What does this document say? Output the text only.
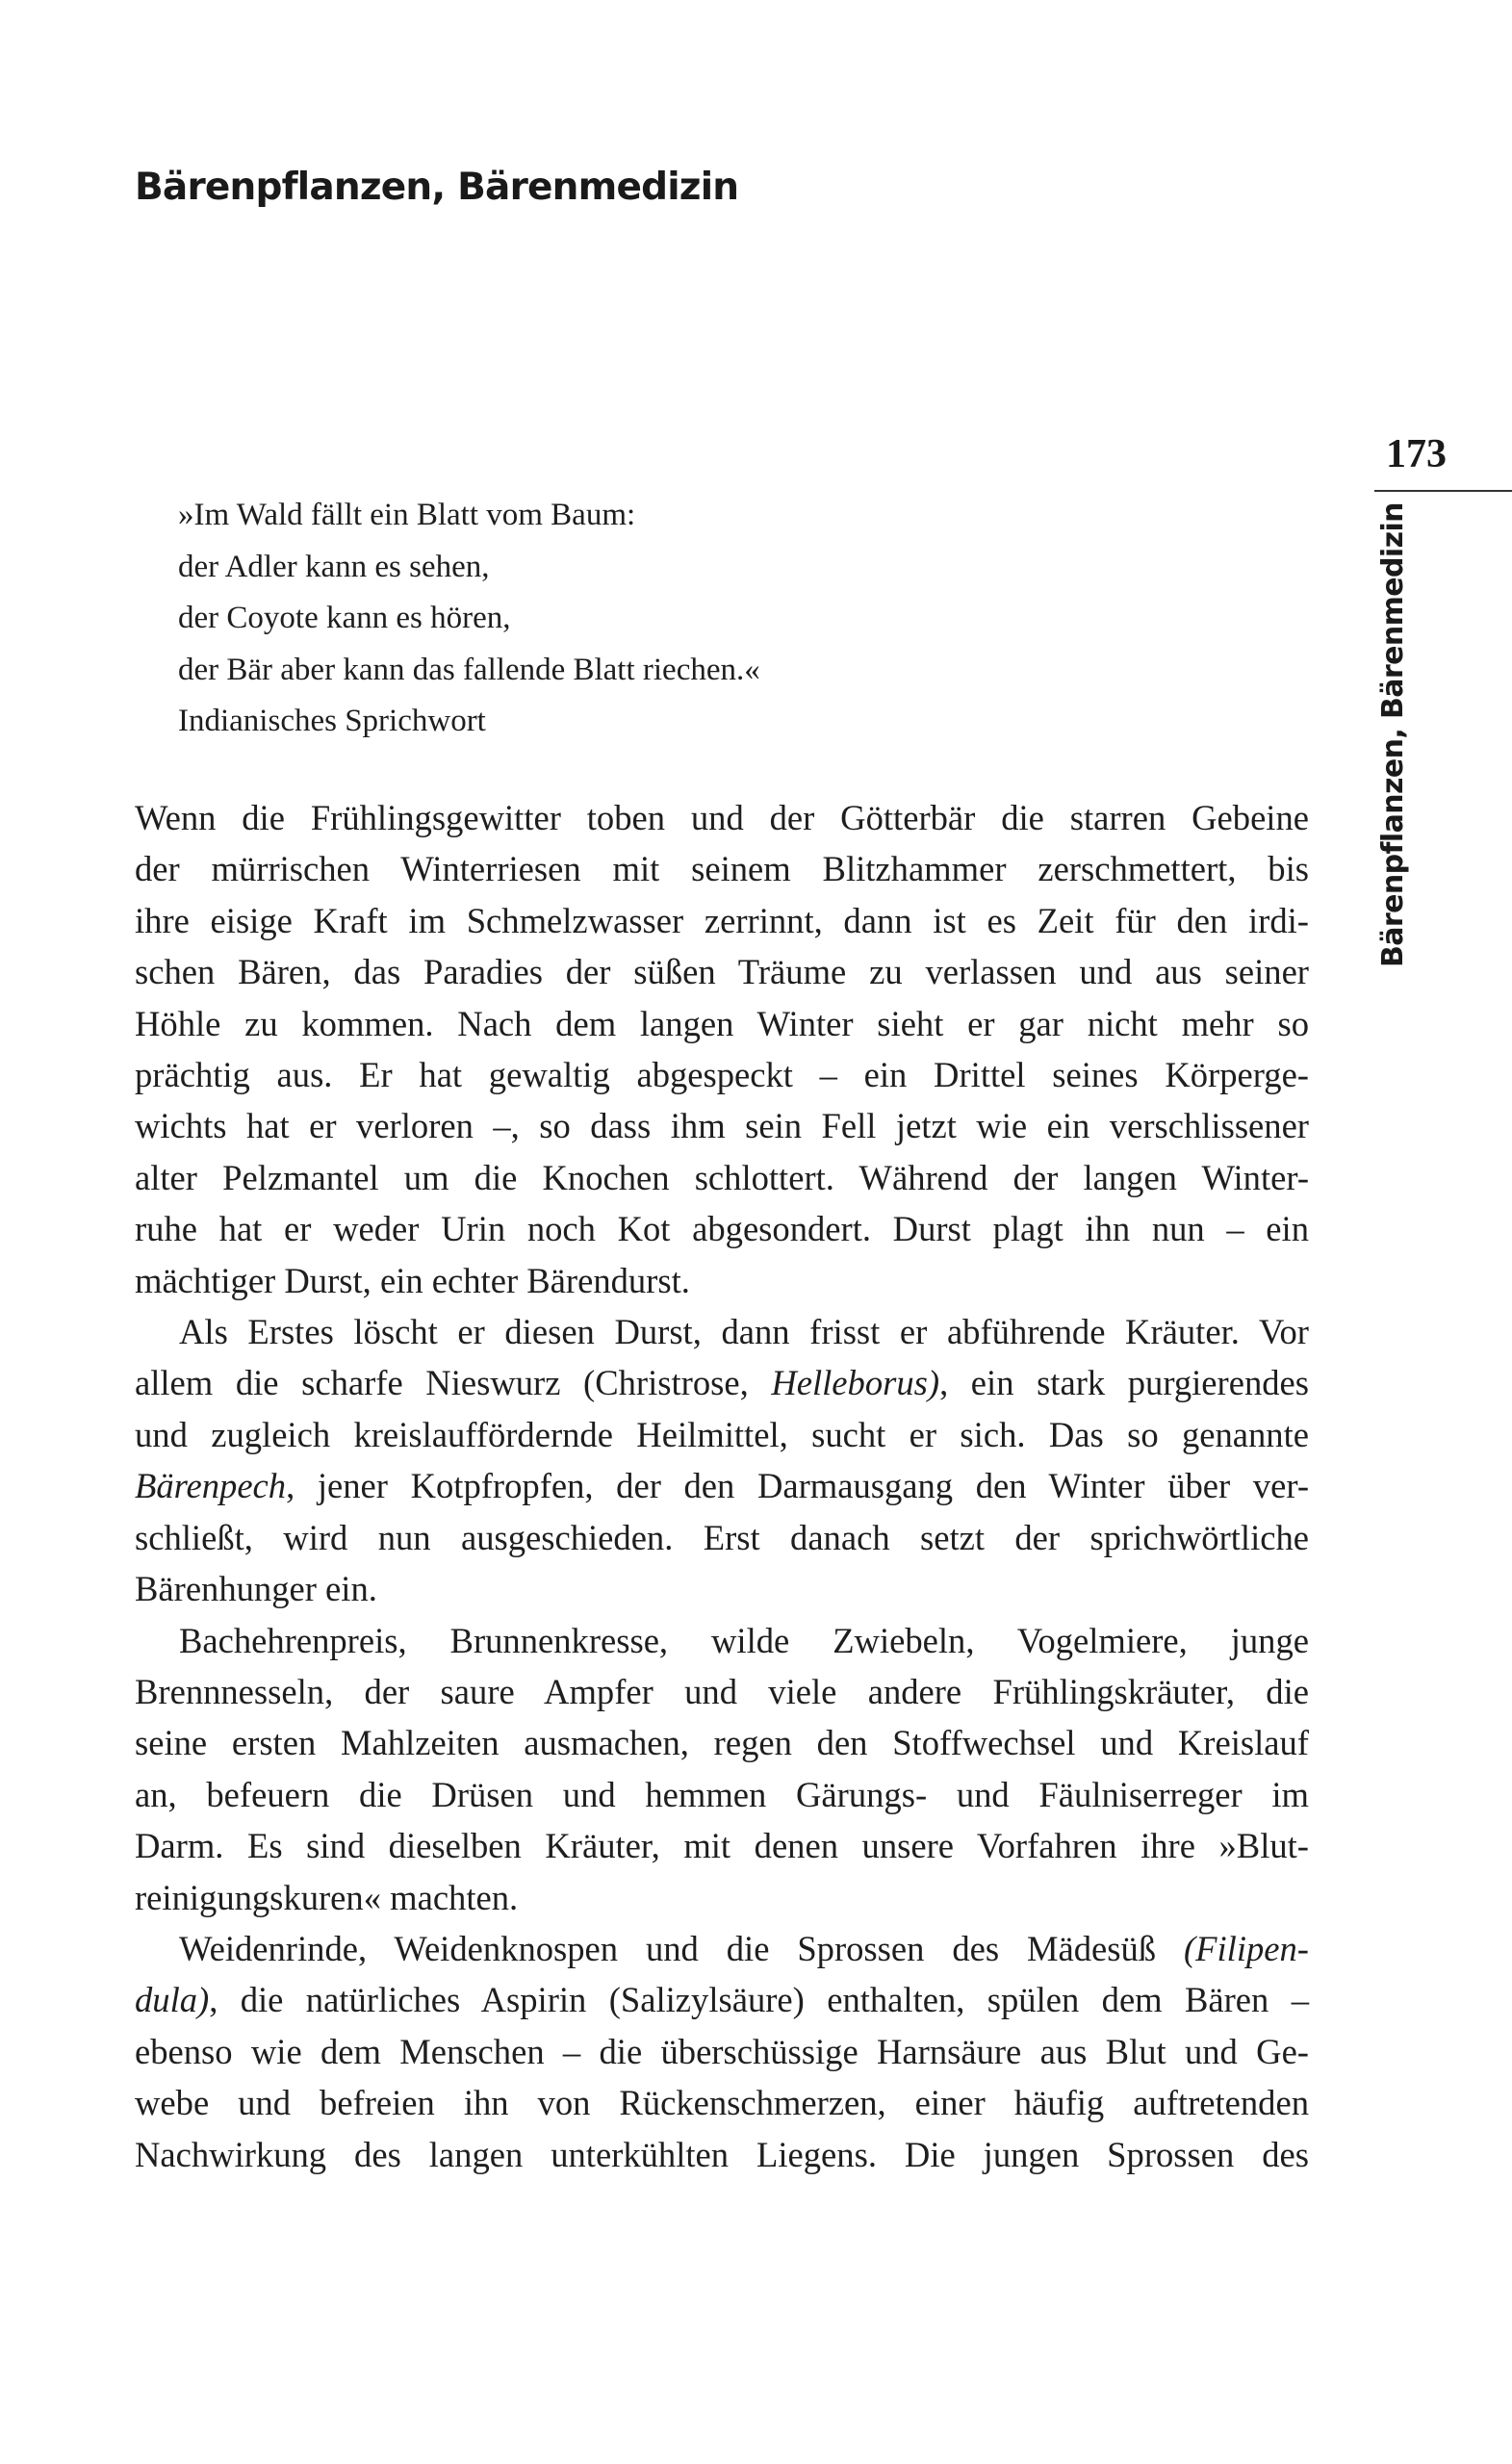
Bärenpflanzen, Bärenmedizin
173
Bärenpflanzen, Bärenmedizin
»Im Wald fällt ein Blatt vom Baum:
der Adler kann es sehen,
der Coyote kann es hören,
der Bär aber kann das fallende Blatt riechen.«
Indianisches Sprichwort

Wenn die Frühlingsgewitter toben und der Götterbär die starren Gebeine
der mürrischen Winterriesen mit seinem Blitzhammer zerschmettert, bis
ihre eisige Kraft im Schmelzwasser zerrinnt, dann ist es Zeit für den irdi-
schen Bären, das Paradies der süßen Träume zu verlassen und aus seiner
Höhle zu kommen. Nach dem langen Winter sieht er gar nicht mehr so
prächtig aus. Er hat gewaltig abgespeckt – ein Drittel seines Körperge-
wichts hat er verloren –, so dass ihm sein Fell jetzt wie ein verschlissener
alter Pelzmantel um die Knochen schlottert. Während der langen Winter-
ruhe hat er weder Urin noch Kot abgesondert. Durst plagt ihn nun – ein
mächtiger Durst, ein echter Bärendurst.

Als Erstes löscht er diesen Durst, dann frisst er abführende Kräuter. Vor
allem die scharfe Nieswurz (Christrose, Helleborus), ein stark purgierendes
und zugleich kreislauffördernde Heilmittel, sucht er sich. Das so genannte
Bärenpech, jener Kotpfropfen, der den Darmausgang den Winter über ver-
schließt, wird nun ausgeschieden. Erst danach setzt der sprichwörtliche
Bärenhunger ein.

Bachehrenpreis, Brunnenkresse, wilde Zwiebeln, Vogelmiere, junge
Brennnesseln, der saure Ampfer und viele andere Frühlingskräuter, die
seine ersten Mahlzeiten ausmachen, regen den Stoffwechsel und Kreislauf
an, befeuern die Drüsen und hemmen Gärungs- und Fäulniserreger im
Darm. Es sind dieselben Kräuter, mit denen unsere Vorfahren ihre »Blut-
reinigungskuren« machten.

Weidenrinde, Weidenknospen und die Sprossen des Mädesüß (Filipen-
dula), die natürliches Aspirin (Salizylsäure) enthalten, spülen dem Bären –
ebenso wie dem Menschen – die überschüssige Harnsäure aus Blut und Ge-
webe und befreien ihn von Rückenschmerzen, einer häufig auftretenden
Nachwirkung des langen unterkühlten Liegens. Die jungen Sprossen des
